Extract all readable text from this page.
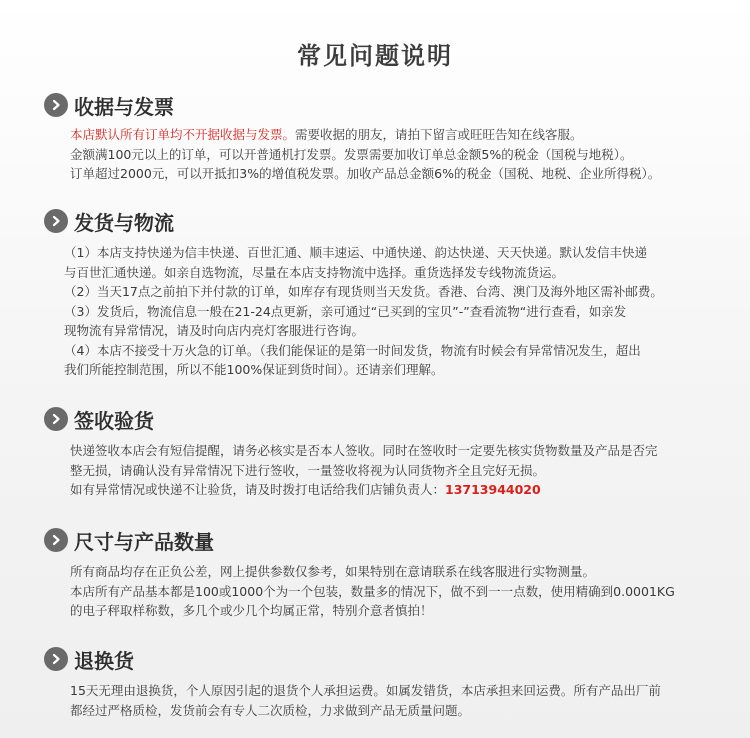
常见问题说明
收据与发票

本店默认所有订单均不开据收据与发票。需要收据的朋友，请拍下留言或旺旺告知在线客服。

金额满100元以上的订单，可以开普通机打发票。发票需要加收订单总金额5%的税金（国税与地税）。

订单超过2000元，可以开抵扣3%的增值税发票。加收产品总金额6%的税金（国税、地税、企业所得税）。

发货与物流

（1）本店支持快递为信丰快递、百世汇通、顺丰速运、中通快递、韵达快递、天天快递。默认发信丰快递

与百世汇通快递。如亲自选物流，尽量在本店支持物流中选择。重货选择发专线物流货运。

（2）当天17点之前拍下并付款的订单，如库存有现货则当天发货。香港、台湾、澳门及海外地区需补邮费。

（3）发货后，物流信息一般在21-24点更新，亲可通过“已买到的宝贝”-”查看流物“进行查看，如亲发

现物流有异常情况，请及时向店内亮灯客服进行咨询。

（4）本店不接受十万火急的订单。（我们能保证的是第一时间发货，物流有时候会有异常情况发生，超出

我们所能控制范围，所以不能100%保证到货时间）。还请亲们理解。

签收验货

快递签收本店会有短信提醒，请务必核实是否本人签收。同时在签收时一定要先核实货物数量及产品是否完

整无损，请确认没有异常情况下进行签收，一量签收将视为认同货物齐全且完好无损。

如有异常情况或快递不让验货，请及时拨打电话给我们店铺负责人：13713944020

尺寸与产品数量

所有商品均存在正负公差，网上提供参数仅参考，如果特别在意请联系在线客服进行实物测量。

本店所有产品基本都是100或1000个为一个包装，数量多的情况下，做不到一一点数，使用精确到0.0001KG

的电子秤取样称数，多几个或少几个均属正常，特别介意者慎拍！

退换货

15天无理由退换货，个人原因引起的退货个人承担运费。如属发错货，本店承担来回运费。所有产品出厂前

都经过严格质检，发货前会有专人二次质检，力求做到产品无质量问题。
